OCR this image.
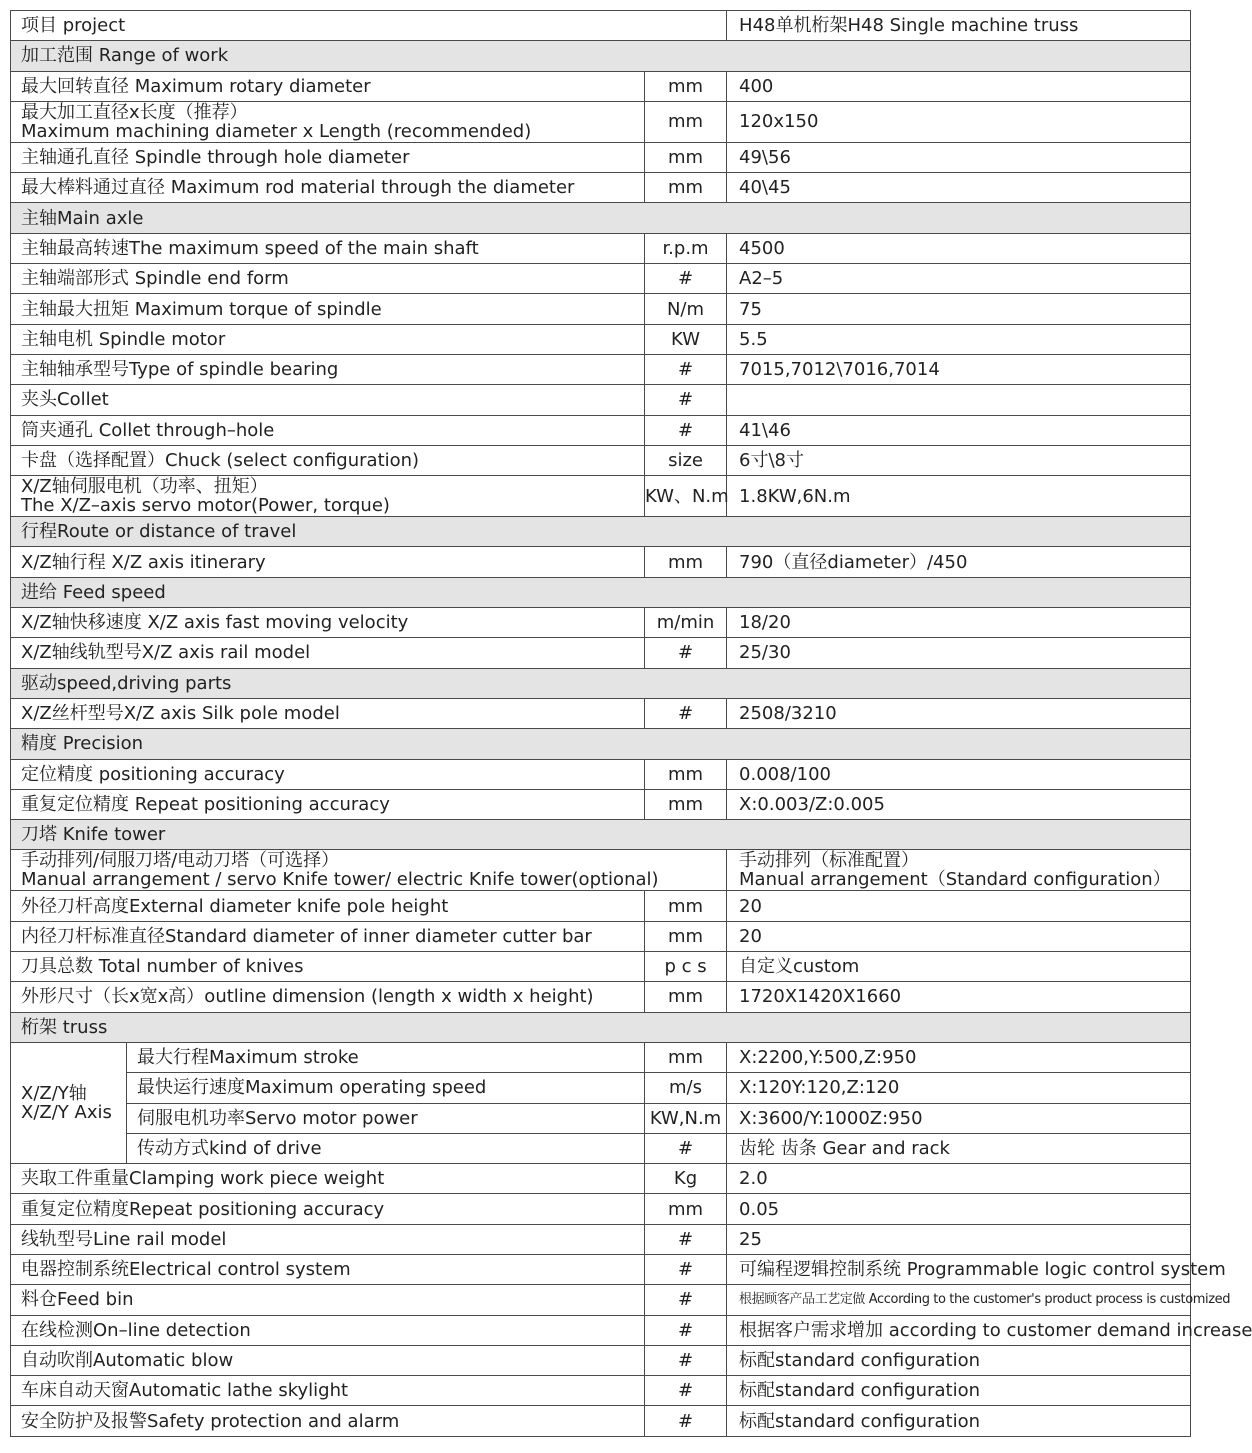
项目 project			H48单机桁架H48 Single machine truss
加工范围 Range of work			
最大回转直径 Maximum rotary diameter		mm	400

最大加工直径x长度（推荐）
Maximum machining diameter x Length (recommended)		mm	120x150
主轴通孔直径 Spindle through hole diameter		mm	49\56
最大棒料通过直径 Maximum rod material through the diameter		mm	40\45
主轴Main axle			
主轴最高转速The maximum speed of the main shaft		r.p.m	4500
主轴端部形式 Spindle end form		#	A2–5
主轴最大扭矩 Maximum torque of spindle		N/m	75
主轴电机 Spindle motor		KW	5.5
主轴轴承型号Type of spindle bearing		#	7015,7012\7016,7014
夹头Collet		#	
筒夹通孔 Collet through–hole		#	41\46
卡盘（选择配置）Chuck (select configuration)		size	6寸\8寸

X/Z轴伺服电机（功率、扭矩）
The X/Z–axis servo motor(Power, torque)		KW、N.m	1.8KW,6N.m
行程Route or distance of travel			
X/Z轴行程 X/Z axis itinerary		mm	790（直径diameter）/450
进给 Feed speed			
X/Z轴快移速度 X/Z axis fast moving velocity		m/min	18/20
X/Z轴线轨型号X/Z axis rail model		#	25/30
驱动speed,driving parts			
X/Z丝杆型号X/Z axis Silk pole model		#	2508/3210
精度 Precision			
定位精度 positioning accuracy		mm	0.008/100
重复定位精度 Repeat positioning accuracy		mm	X:0.003/Z:0.005
刀塔 Knife tower			

手动排列/伺服刀塔/电动刀塔（可选择）
Manual arrangement / servo Knife tower/ electric Knife tower(optional)			手动排列（标准配置）
Manual arrangement（Standard configuration）

外径刀杆高度External diameter knife pole height		mm	20
内径刀杆标准直径Standard diameter of inner diameter cutter bar		mm	20
刀具总数 Total number of knives		p c s	自定义custom
外形尺寸（长x宽x高）outline dimension (length x width x height)		mm	1720X1420X1660
桁架 truss			

X/Z/Y轴
X/Z/Y Axis	最大行程Maximum stroke	mm	X:2200,Y:500,Z:950
	最快运行速度Maximum operating speed	m/s	X:120Y:120,Z:120
	伺服电机功率Servo motor power	KW,N.m	X:3600/Y:1000Z:950
	传动方式kind of drive	#	齿轮 齿条 Gear and rack
夹取工件重量Clamping work piece weight		Kg	2.0
重复定位精度Repeat positioning accuracy		mm	0.05
线轨型号Line rail model		#	25
电器控制系统Electrical control system		#	可编程逻辑控制系统 Programmable logic control system
料仓Feed bin		#	根据顾客产品工艺定做 According to the customer's product process is customized
在线检测On–line detection		#	根据客户需求增加 according to customer demand increase
自动吹削Automatic blow		#	标配standard configuration
车床自动天窗Automatic lathe skylight		#	标配standard configuration
安全防护及报警Safety protection and alarm		#	标配standard configuration
